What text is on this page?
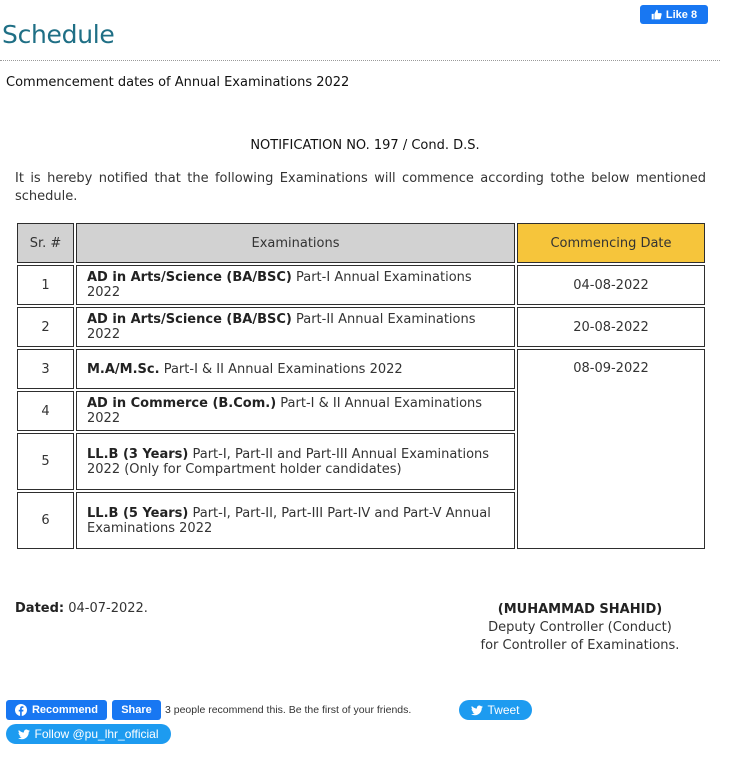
Schedule
Like 8
Commencement dates of Annual Examinations 2022
NOTIFICATION NO. 197 / Cond. D.S.
It is hereby notified that the following Examinations will commence according tothe below mentioned schedule.
Sr. #	Examinations	Commencing Date
1	AD in Arts/Science (BA/BSC) Part-I Annual Examinations 2022	04-08-2022
2	AD in Arts/Science (BA/BSC) Part-II Annual Examinations 2022	20-08-2022
3	M.A/M.Sc. Part-I & II Annual Examinations 2022	08-09-2022
4	AD in Commerce (B.Com.) Part-I & II Annual Examinations 2022	
5	LL.B (3 Years) Part-I, Part-II and Part-III Annual Examinations 2022 (Only for Compartment holder candidates)	
6	LL.B (5 Years) Part-I, Part-II, Part-III Part-IV and Part-V Annual Examinations 2022	
Dated: 04-07-2022.	(MUHAMMAD SHAHID)
Deputy Controller (Conduct)
for Controller of Examinations.
Recommend	Share	3 people recommend this. Be the first of your friends.	Tweet
Follow @pu_lhr_official
